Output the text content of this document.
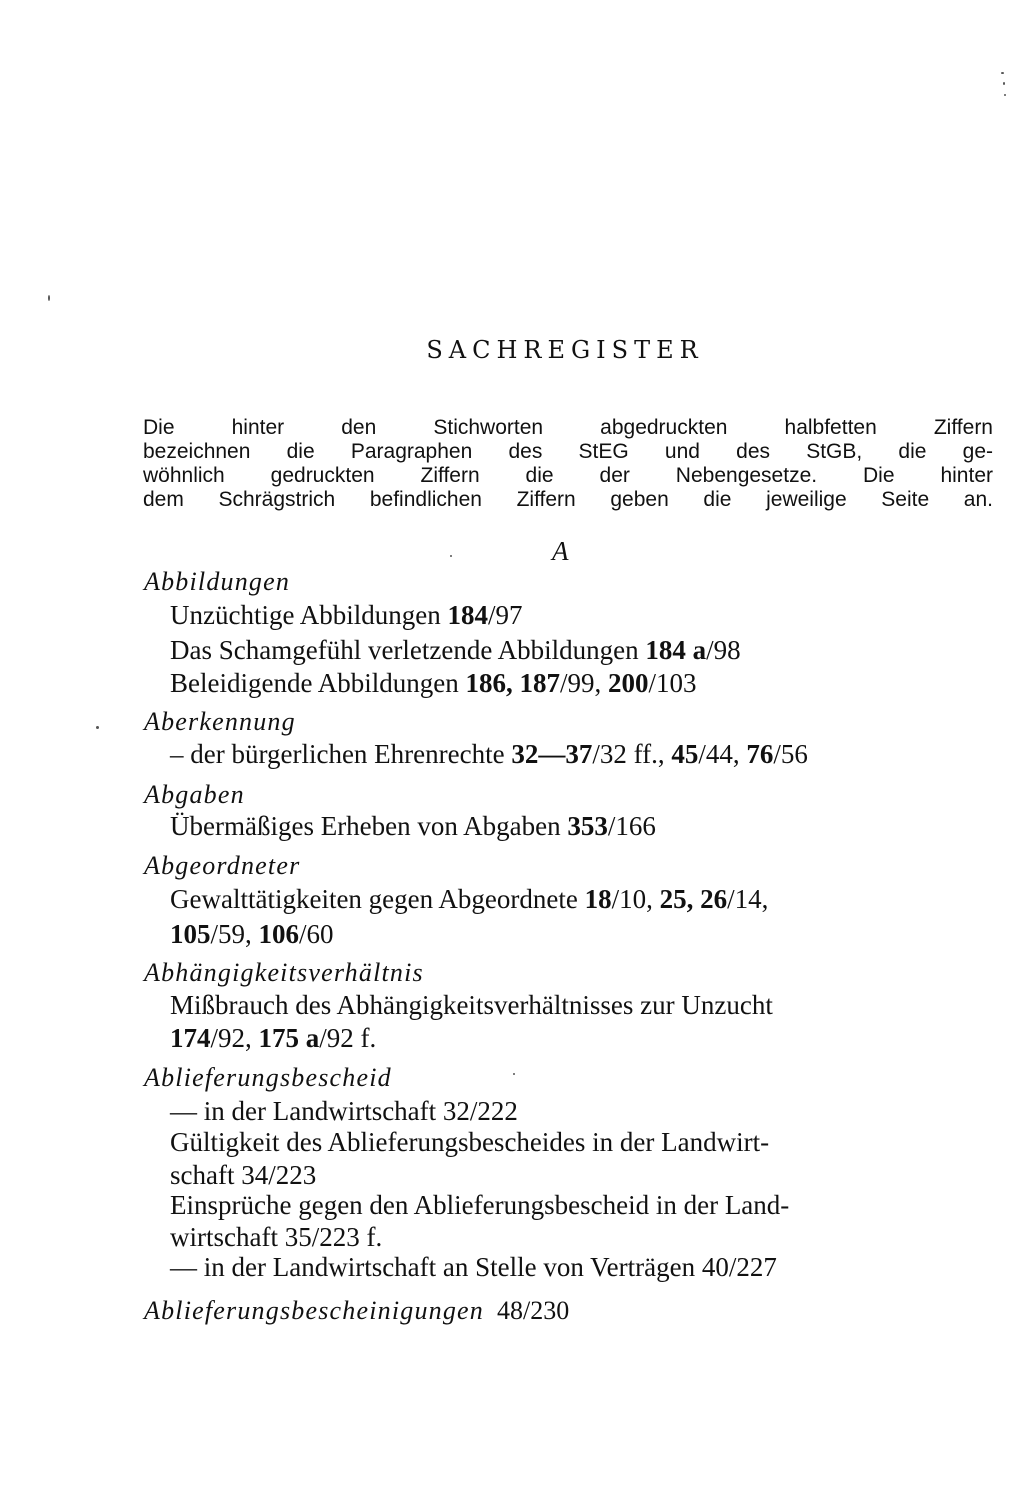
SACHREGISTER
Die hinter den Stichworten abgedruckten halbfetten Ziffern
bezeichnen die Paragraphen des StEG und des StGB, die ge-
wöhnlich gedruckten Ziffern die der Nebengesetze. Die hinter
dem Schrägstrich befindlichen Ziffern geben die jeweilige Seite an.
A
Abbildungen
Unzüchtige Abbildungen 184/97
Das Schamgefühl verletzende Abbildungen 184 a/98
Beleidigende Abbildungen 186, 187/99, 200/103
Aberkennung
– der bürgerlichen Ehrenrechte 32—37/32 ff., 45/44, 76/56
Abgaben
Übermäßiges Erheben von Abgaben 353/166
Abgeordneter
Gewalttätigkeiten gegen Abgeordnete 18/10, 25, 26/14,
105/59, 106/60
Abhängigkeitsverhältnis
Mißbrauch des Abhängigkeitsverhältnisses zur Unzucht
174/92, 175 a/92 f.
Ablieferungsbescheid
— in der Landwirtschaft 32/222
Gültigkeit des Ablieferungsbescheides in der Landwirt-
schaft 34/223
Einsprüche gegen den Ablieferungsbescheid in der Land-
wirtschaft 35/223 f.
— in der Landwirtschaft an Stelle von Verträgen 40/227
Ablieferungsbescheinigungen  48/230
